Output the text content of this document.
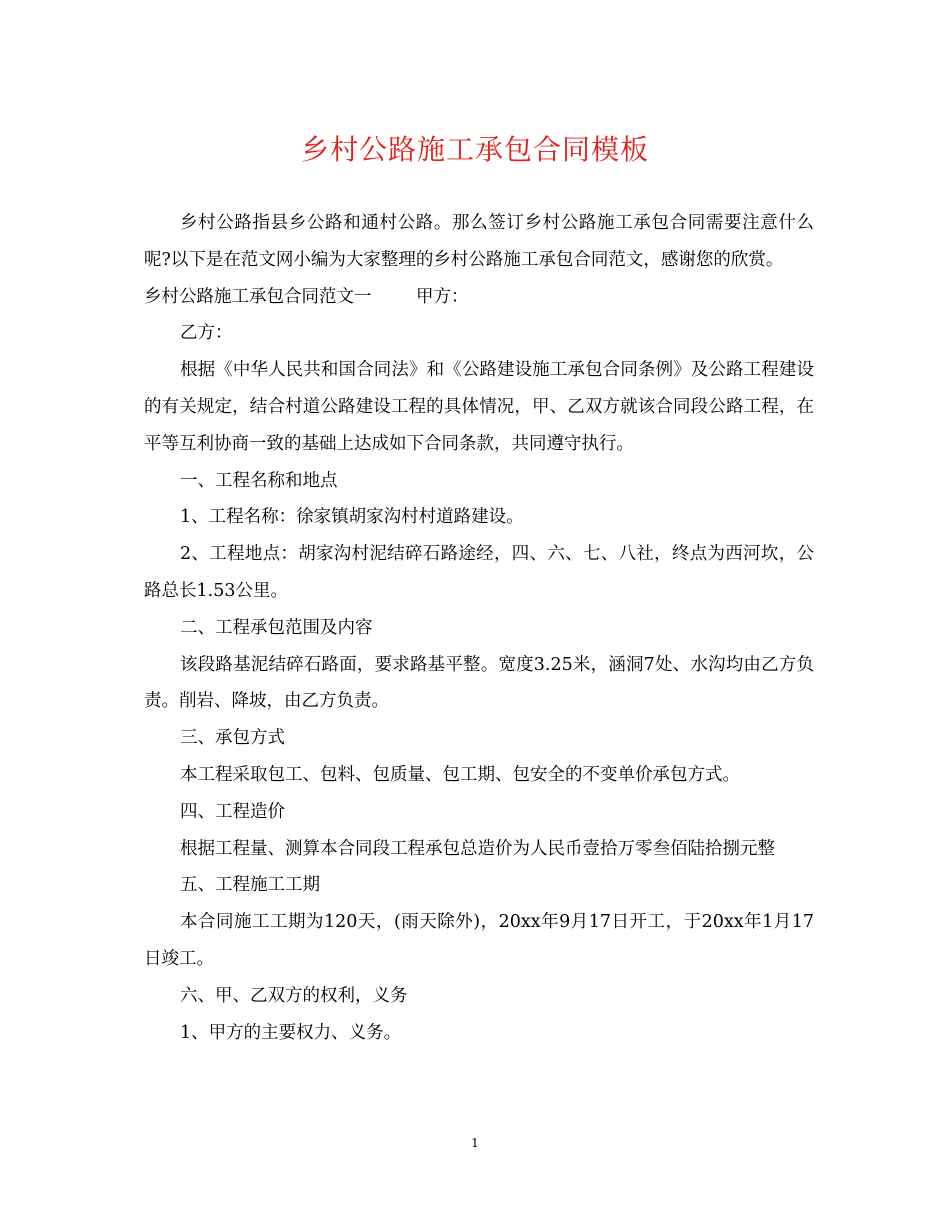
乡村公路施工承包合同模板

乡村公路指县乡公路和通村公路。那么签订乡村公路施工承包合同需要注意什么呢?以下是在范文网小编为大家整理的乡村公路施工承包合同范文，感谢您的欣赏。

乡村公路施工承包合同范文一        甲方：

乙方：

根据《中华人民共和国合同法》和《公路建设施工承包合同条例》及公路工程建设的有关规定，结合村道公路建设工程的具体情况，甲、乙双方就该合同段公路工程，在平等互利协商一致的基础上达成如下合同条款，共同遵守执行。

一、工程名称和地点

1、工程名称：徐家镇胡家沟村村道路建设。

2、工程地点：胡家沟村泥结碎石路途经，四、六、七、八社，终点为西河坎，公路总长1.53公里。

二、工程承包范围及内容

该段路基泥结碎石路面，要求路基平整。宽度3.25米，涵洞7处、水沟均由乙方负责。削岩、降坡，由乙方负责。

三、承包方式

本工程采取包工、包料、包质量、包工期、包安全的不变单价承包方式。

四、工程造价

根据工程量、测算本合同段工程承包总造价为人民币壹拾万零叁佰陆拾捌元整

五、工程施工工期

本合同施工工期为120天，(雨天除外)，20xx年9月17日开工，于20xx年1月17日竣工。

六、甲、乙双方的权利，义务

1、甲方的主要权力、义务。

1
